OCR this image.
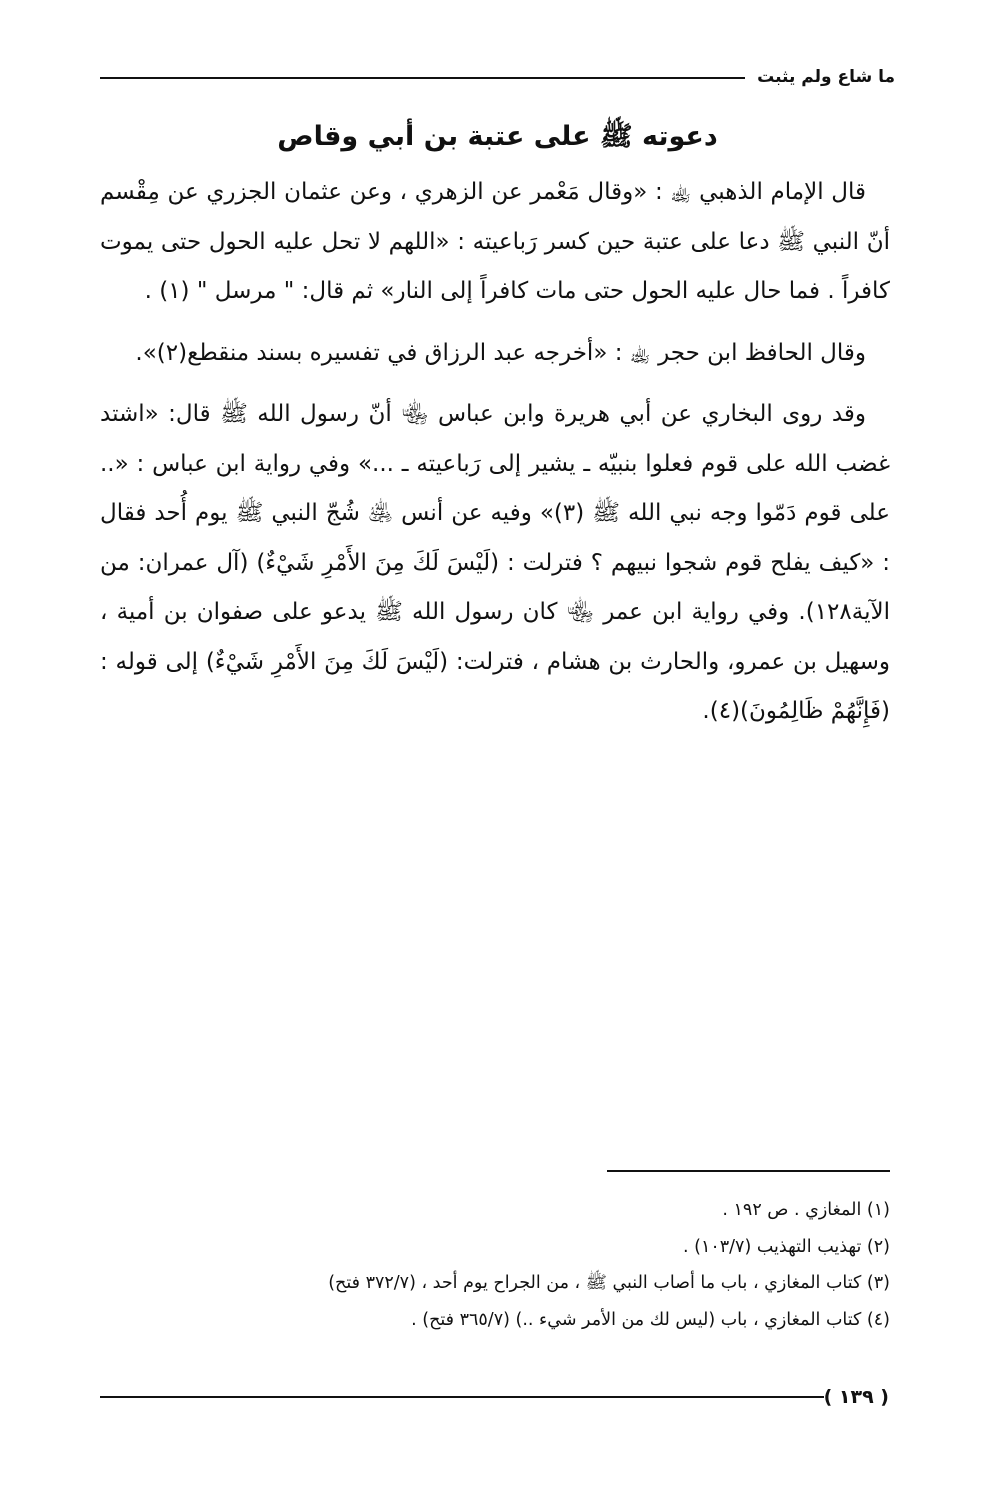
ما شاع ولم يثبت
دعوته ﷺ على عتبة بن أبي وقاص

قال الإمام الذهبي ﵀ : «وقال مَعْمر عن الزهري ، وعن عثمان الجزري عن مِقْسم أنّ النبي ﷺ دعا على عتبة حين كسر رَباعيته : «اللهم لا تحل عليه الحول حتى يموت كافراً . فما حال عليه الحول حتى مات كافراً إلى النار» ثم قال: " مرسل " (١) .

وقال الحافظ ابن حجر ﵀ : «أخرجه عبد الرزاق في تفسيره بسند منقطع(٢)».

وقد روى البخاري عن أبي هريرة وابن عباس ﵄ أنّ رسول الله ﷺ قال: «اشتد غضب الله على قوم فعلوا بنبيّه ـ يشير إلى رَباعيته ـ ...» وفي رواية ابن عباس : «.. على قوم دَمّوا وجه نبي الله ﷺ (٣)» وفيه عن أنس ﵁ شُجّ النبي ﷺ يوم أُحد فقال : «كيف يفلح قوم شجوا نبيهم ؟ فترلت : (لَيْسَ لَكَ مِنَ الأَمْرِ شَيْءٌ) (آل عمران: من الآية١٢٨). وفي رواية ابن عمر ﵄ كان رسول الله ﷺ يدعو على صفوان بن أمية ، وسهيل بن عمرو، والحارث بن هشام ، فترلت: (لَيْسَ لَكَ مِنَ الأَمْرِ شَيْءٌ) إلى قوله : (فَإِنَّهُمْ ظَالِمُونَ)(٤).

(١) المغازي . ص ١٩٢ .

(٢) تهذيب التهذيب (١٠٣/٧) .

(٣) كتاب المغازي ، باب ما أصاب النبي ﷺ ، من الجراح يوم أحد ، (٣٧٢/٧ فتح)

(٤) كتاب المغازي ، باب (ليس لك من الأمر شيء ..) (٣٦٥/٧ فتح) .

( ١٣٩ )
